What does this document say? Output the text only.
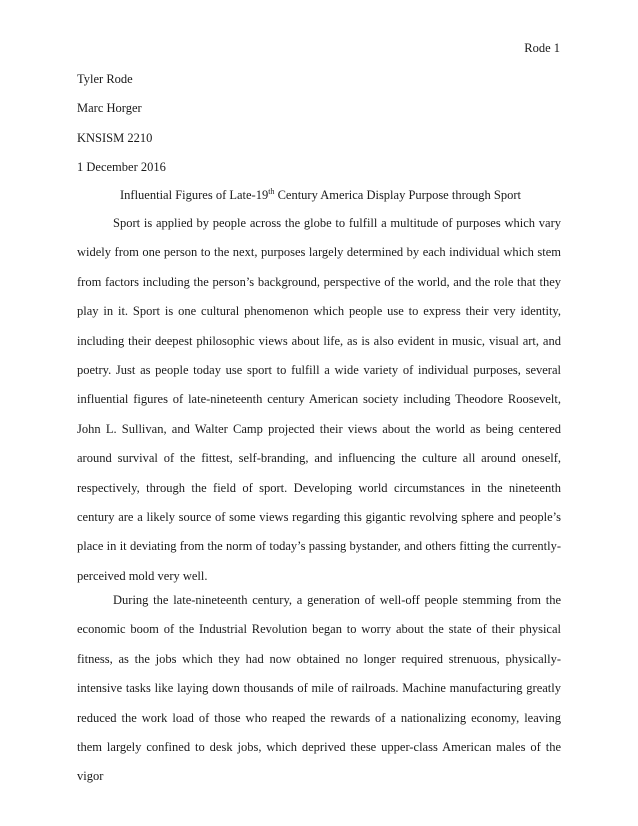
Rode 1
Tyler Rode
Marc Horger
KNSISM 2210
1 December 2016
Influential Figures of Late-19th Century America Display Purpose through Sport

Sport is applied by people across the globe to fulfill a multitude of purposes which vary widely from one person to the next, purposes largely determined by each individual which stem from factors including the person’s background, perspective of the world, and the role that they play in it. Sport is one cultural phenomenon which people use to express their very identity, including their deepest philosophic views about life, as is also evident in music, visual art, and poetry. Just as people today use sport to fulfill a wide variety of individual purposes, several influential figures of late-nineteenth century American society including Theodore Roosevelt, John L. Sullivan, and Walter Camp projected their views about the world as being centered around survival of the fittest, self-branding, and influencing the culture all around oneself, respectively, through the field of sport. Developing world circumstances in the nineteenth century are a likely source of some views regarding this gigantic revolving sphere and people’s place in it deviating from the norm of today’s passing bystander, and others fitting the currently-perceived mold very well.

During the late-nineteenth century, a generation of well-off people stemming from the economic boom of the Industrial Revolution began to worry about the state of their physical fitness, as the jobs which they had now obtained no longer required strenuous, physically-intensive tasks like laying down thousands of mile of railroads. Machine manufacturing greatly reduced the work load of those who reaped the rewards of a nationalizing economy, leaving them largely confined to desk jobs, which deprived these upper-class American males of the vigor
